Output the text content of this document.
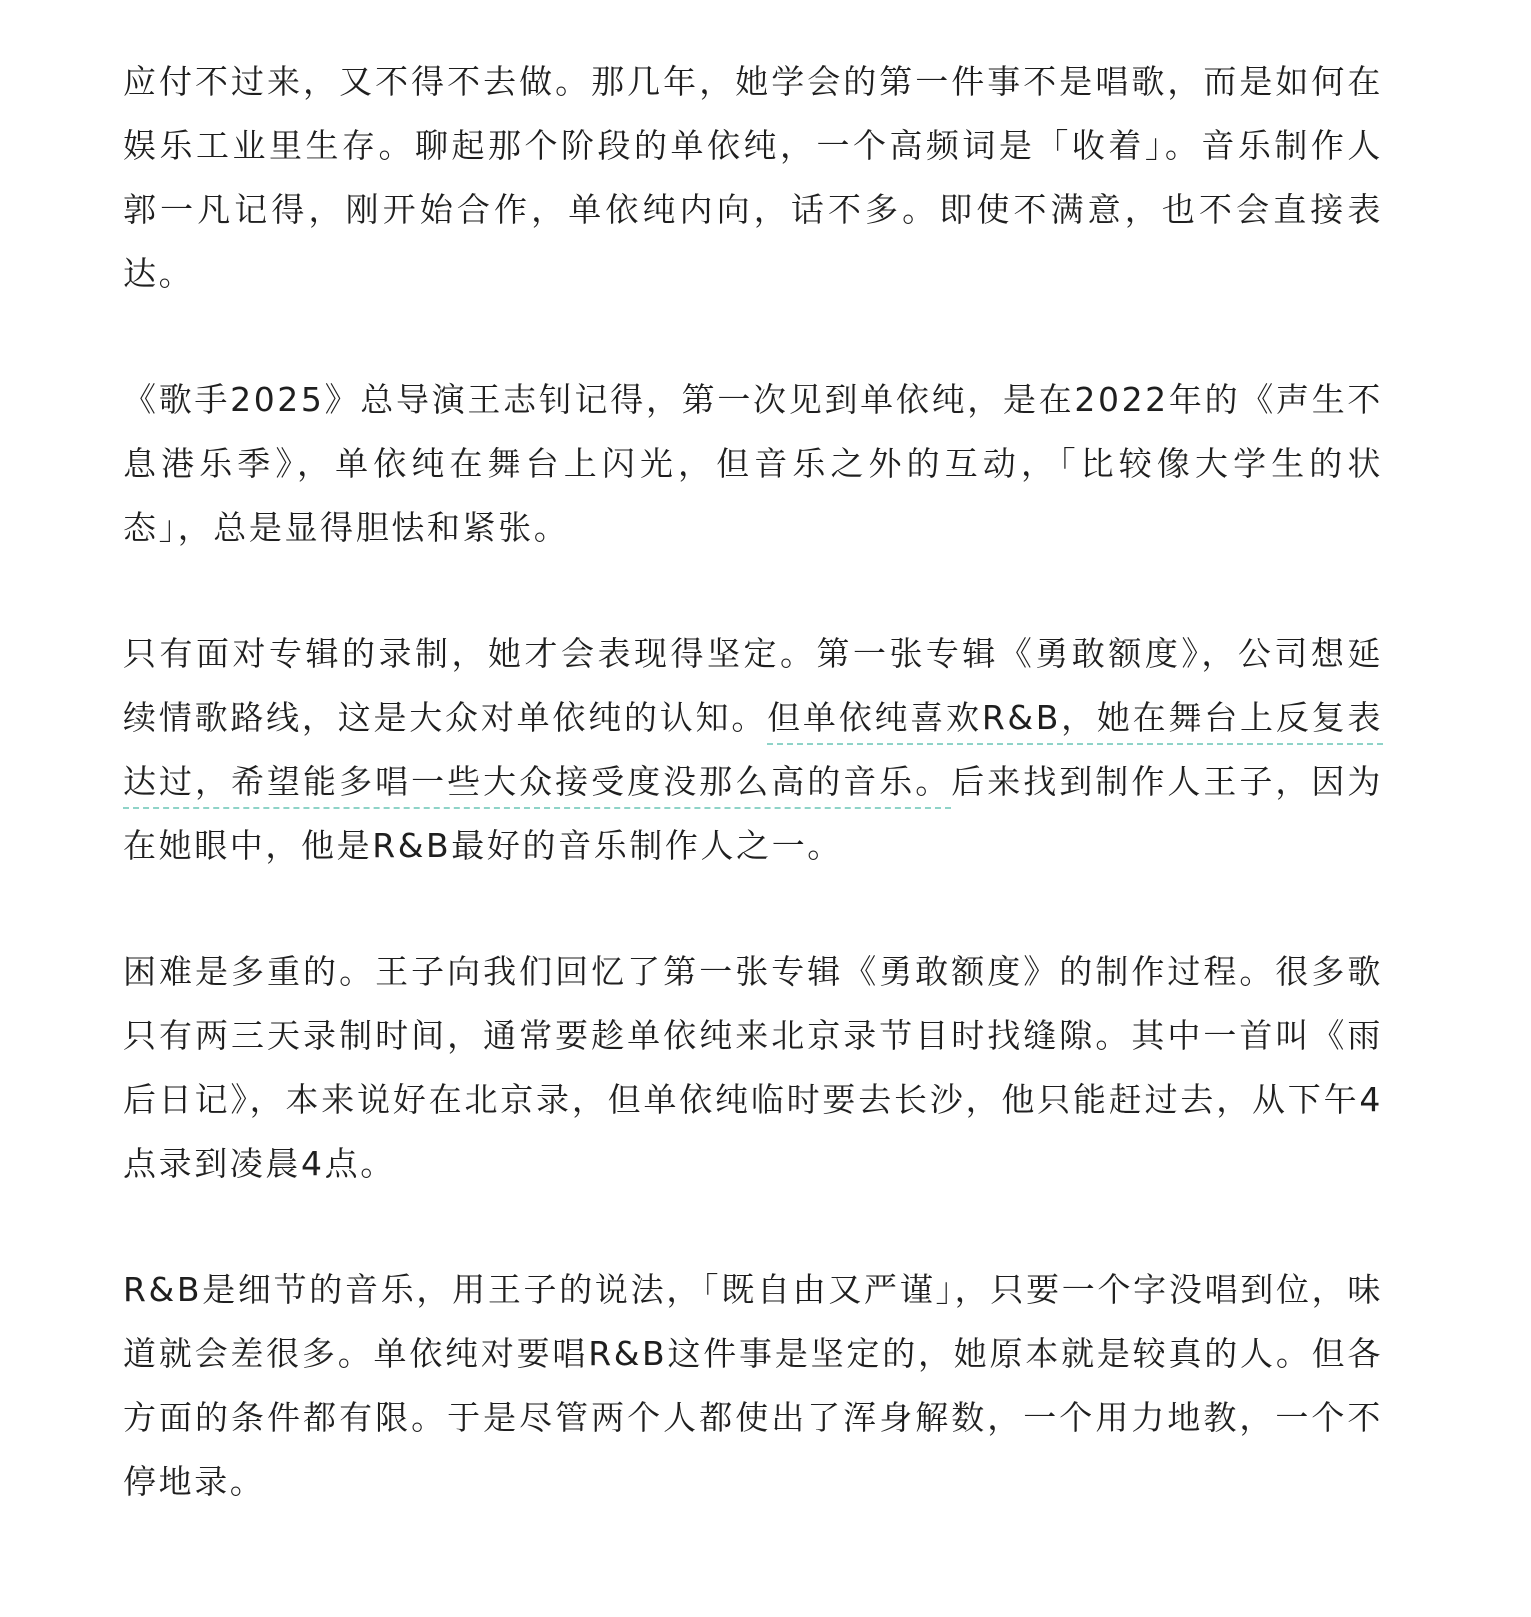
应付不过来，又不得不去做。那几年，她学会的第一件事不是唱歌，而是如何在娱乐工业里生存。聊起那个阶段的单依纯，一个高频词是「收着」。音乐制作人郭一凡记得，刚开始合作，单依纯内向，话不多。即使不满意，也不会直接表达。

《歌手2025》总导演王志钊记得，第一次见到单依纯，是在2022年的《声生不息港乐季》，单依纯在舞台上闪光，但音乐之外的互动，「比较像大学生的状态」，总是显得胆怯和紧张。

只有面对专辑的录制，她才会表现得坚定。第一张专辑《勇敢额度》，公司想延续情歌路线，这是大众对单依纯的认知。但单依纯喜欢R&B，她在舞台上反复表达过，希望能多唱一些大众接受度没那么高的音乐。后来找到制作人王子，因为在她眼中，他是R&B最好的音乐制作人之一。

困难是多重的。王子向我们回忆了第一张专辑《勇敢额度》的制作过程。很多歌只有两三天录制时间，通常要趁单依纯来北京录节目时找缝隙。其中一首叫《雨后日记》，本来说好在北京录，但单依纯临时要去长沙，他只能赶过去，从下午4点录到凌晨4点。

R&B是细节的音乐，用王子的说法，「既自由又严谨」，只要一个字没唱到位，味道就会差很多。单依纯对要唱R&B这件事是坚定的，她原本就是较真的人。但各方面的条件都有限。于是尽管两个人都使出了浑身解数，一个用力地教，一个不停地录。
